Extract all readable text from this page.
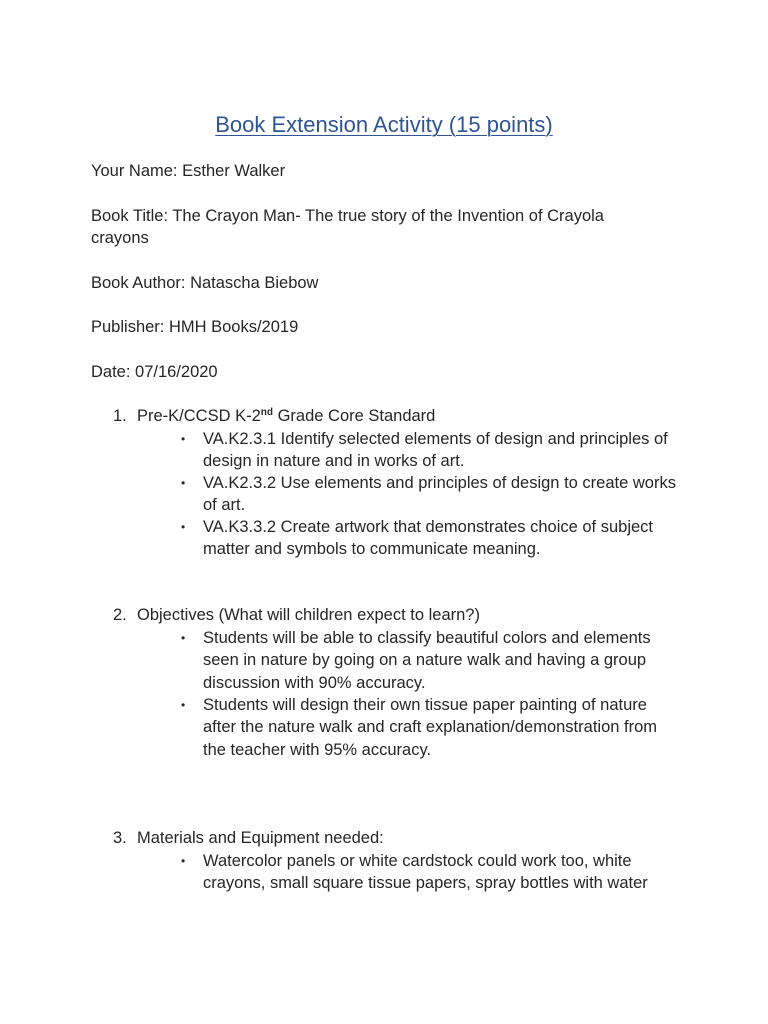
Book Extension Activity (15 points)
Your Name: Esther Walker
Book Title: The Crayon Man- The true story of the Invention of Crayola
crayons
Book Author: Natascha Biebow
Publisher: HMH Books/2019
Date: 07/16/2020
1. Pre-K/CCSD K-2nd Grade Core Standard
• VA.K2.3.1 Identify selected elements of design and principles of design in nature and in works of art.
• VA.K2.3.2 Use elements and principles of design to create works of art.
• VA.K3.3.2 Create artwork that demonstrates choice of subject matter and symbols to communicate meaning.
2. Objectives (What will children expect to learn?)
• Students will be able to classify beautiful colors and elements seen in nature by going on a nature walk and having a group discussion with 90% accuracy.
• Students will design their own tissue paper painting of nature after the nature walk and craft explanation/demonstration from the teacher with 95% accuracy.
3. Materials and Equipment needed:
• Watercolor panels or white cardstock could work too, white crayons, small square tissue papers, spray bottles with water
